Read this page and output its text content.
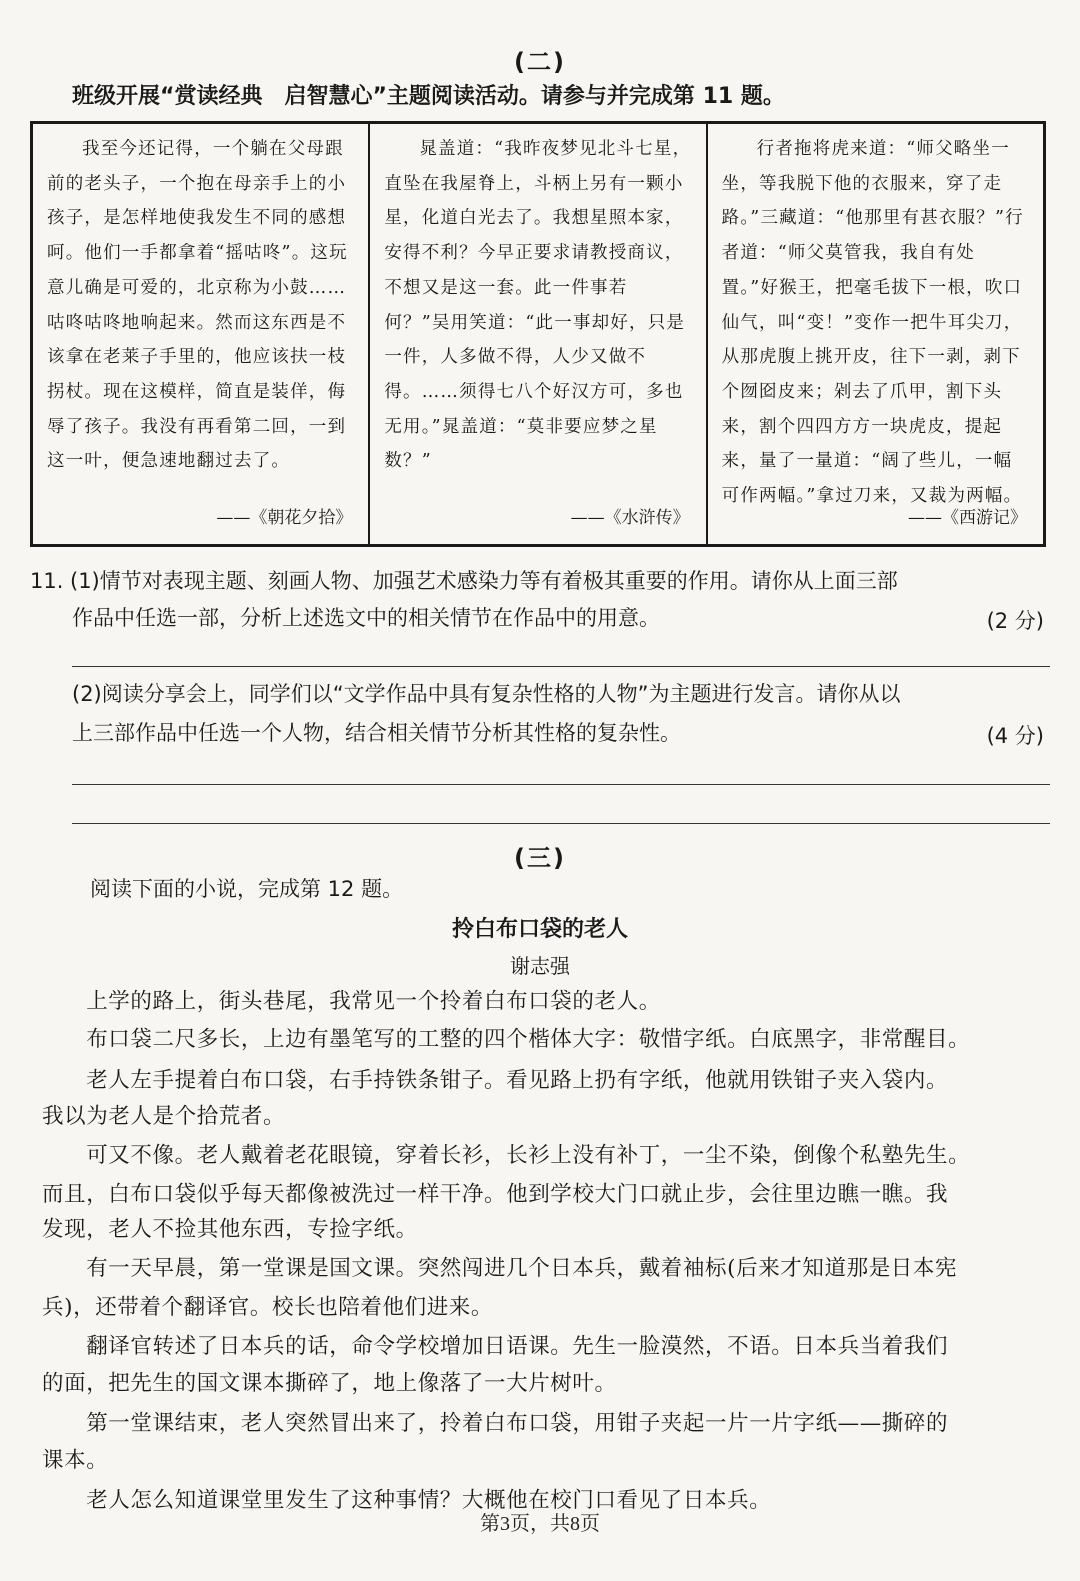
(二)
班级开展“赏读经典　启智慧心”主题阅读活动。请参与并完成第 11 题。

我至今还记得，一个躺在父母跟前的老头子，一个抱在母亲手上的小孩子，是怎样地使我发生不同的感想呵。他们一手都拿着“摇咕咚”。这玩意儿确是可爱的，北京称为小鼓……咕咚咕咚地响起来。然而这东西是不该拿在老莱子手里的，他应该扶一枝拐杖。现在这模样，简直是装佯，侮辱了孩子。我没有再看第二回，一到这一叶，便急速地翻过去了。

——《朝花夕拾》

晁盖道：“我昨夜梦见北斗七星，直坠在我屋脊上，斗柄上另有一颗小星，化道白光去了。我想星照本家，安得不利？今早正要求请教授商议，不想又是这一套。此一件事若何？”吴用笑道：“此一事却好，只是一件，人多做不得，人少又做不得。……须得七八个好汉方可，多也无用。”晁盖道：“莫非要应梦之星数？”

——《水浒传》

行者拖将虎来道：“师父略坐一坐，等我脱下他的衣服来，穿了走路。”三藏道：“他那里有甚衣服？”行者道：“师父莫管我，我自有处置。”好猴王，把毫毛拔下一根，吹口仙气，叫“变！”变作一把牛耳尖刀，从那虎腹上挑开皮，往下一剥，剥下个囫囵皮来；剁去了爪甲，割下头来，割个四四方方一块虎皮，提起来，量了一量道：“阔了些儿，一幅可作两幅。”拿过刀来，又裁为两幅。

——《西游记》
11. (1)情节对表现主题、刻画人物、加强艺术感染力等有着极其重要的作用。请你从上面三部
作品中任选一部，分析上述选文中的相关情节在作品中的用意。	(2 分)
(2)阅读分享会上，同学们以“文学作品中具有复杂性格的人物”为主题进行发言。请你从以
上三部作品中任选一个人物，结合相关情节分析其性格的复杂性。	(4 分)
(三)
阅读下面的小说，完成第 12 题。
拎白布口袋的老人
谢志强
　　上学的路上，街头巷尾，我常见一个拎着白布口袋的老人。
　　布口袋二尺多长，上边有墨笔写的工整的四个楷体大字：敬惜字纸。白底黑字，非常醒目。
　　老人左手提着白布口袋，右手持铁条钳子。看见路上扔有字纸，他就用铁钳子夹入袋内。
我以为老人是个拾荒者。
　　可又不像。老人戴着老花眼镜，穿着长衫，长衫上没有补丁，一尘不染，倒像个私塾先生。
而且，白布口袋似乎每天都像被洗过一样干净。他到学校大门口就止步，会往里边瞧一瞧。我
发现，老人不捡其他东西，专捡字纸。
　　有一天早晨，第一堂课是国文课。突然闯进几个日本兵，戴着袖标(后来才知道那是日本宪
兵)，还带着个翻译官。校长也陪着他们进来。
　　翻译官转述了日本兵的话，命令学校增加日语课。先生一脸漠然，不语。日本兵当着我们
的面，把先生的国文课本撕碎了，地上像落了一大片树叶。
　　第一堂课结束，老人突然冒出来了，拎着白布口袋，用钳子夹起一片一片字纸——撕碎的
课本。
　　老人怎么知道课堂里发生了这种事情？大概他在校门口看见了日本兵。
第3页，共8页
